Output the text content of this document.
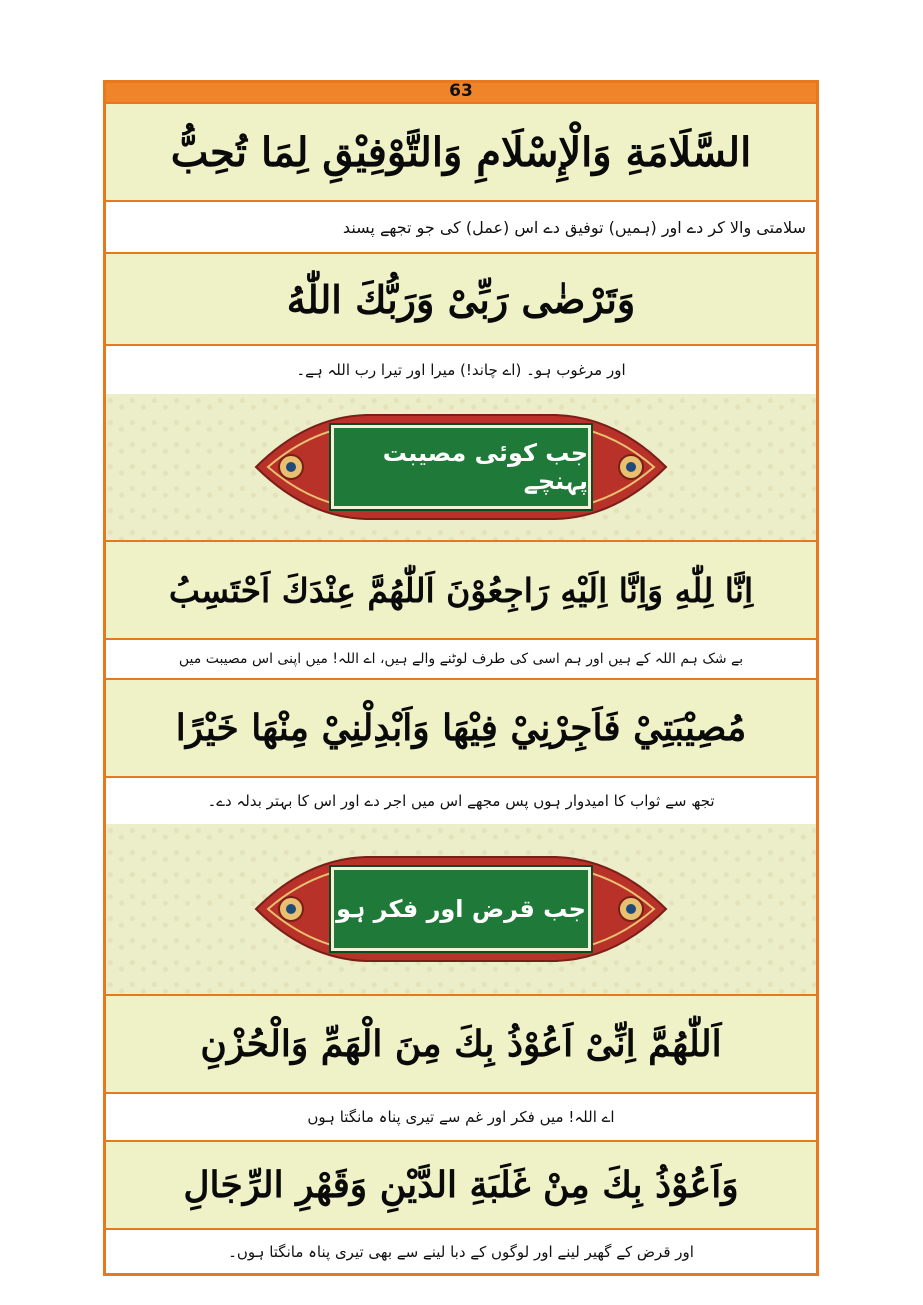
63
السَّلَامَةِ وَالْإِسْلَامِ وَالتَّوْفِيْقِ لِمَا تُحِبُّ
سلامتی والا کر دے اور (ہمیں) توفیق دے اس (عمل) کی جو تجھے پسند
وَتَرْضٰی رَبِّیْ وَرَبُّكَ اللّٰهُ
اور مرغوب ہو۔ (اے چاند!) میرا اور تیرا رب اللہ ہے۔
جب کوئی مصیبت پہنچے
اِنَّا لِلّٰهِ وَاِنَّا اِلَيْهِ رَاجِعُوْنَ اَللّٰهُمَّ عِنْدَكَ اَحْتَسِبُ
بے شک ہم اللہ کے ہیں اور ہم اسی کی طرف لوٹنے والے ہیں، اے اللہ! میں اپنی اس مصیبت میں
مُصِيْبَتِيْ فَاَجِرْنِيْ فِيْهَا وَاَبْدِلْنِيْ مِنْهَا خَيْرًا
تجھ سے ثواب کا امیدوار ہوں پس مجھے اس میں اجر دے اور اس کا بہتر بدلہ دے۔
جب قرض اور فکر ہو
اَللّٰهُمَّ اِنِّیْ اَعُوْذُ بِكَ مِنَ الْهَمِّ وَالْحُزْنِ
اے اللہ! میں فکر اور غم سے تیری پناہ مانگتا ہوں
وَاَعُوْذُ بِكَ مِنْ غَلَبَةِ الدَّيْنِ وَقَهْرِ الرِّجَالِ
اور قرض کے گھیر لینے اور لوگوں کے دبا لینے سے بھی تیری پناہ مانگتا ہوں۔
